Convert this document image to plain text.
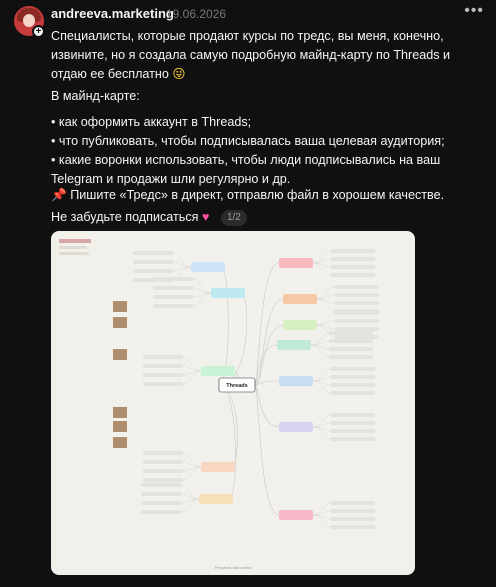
+
andreeva.marketing
19.06.2026	•••
Специалисты, которые продают курсы по тредс, вы меня, конечно, извините, но я создала самую подробную майнд-карту по Threads и отдаю ее бесплатно 😜
В майнд-карте:
• как оформить аккаунт в Threads;
• что публиковать, чтобы подписывалась ваша целевая аудитория;
• какие воронки использовать, чтобы люди подписывались на ваш Telegram и продажи шли регулярно и др.
📌 Пишите «Тредс» в директ, отправлю файл в хорошем качестве.
Не забудьте подписаться ♥ 1/2
Threads
Prepared with xmind
